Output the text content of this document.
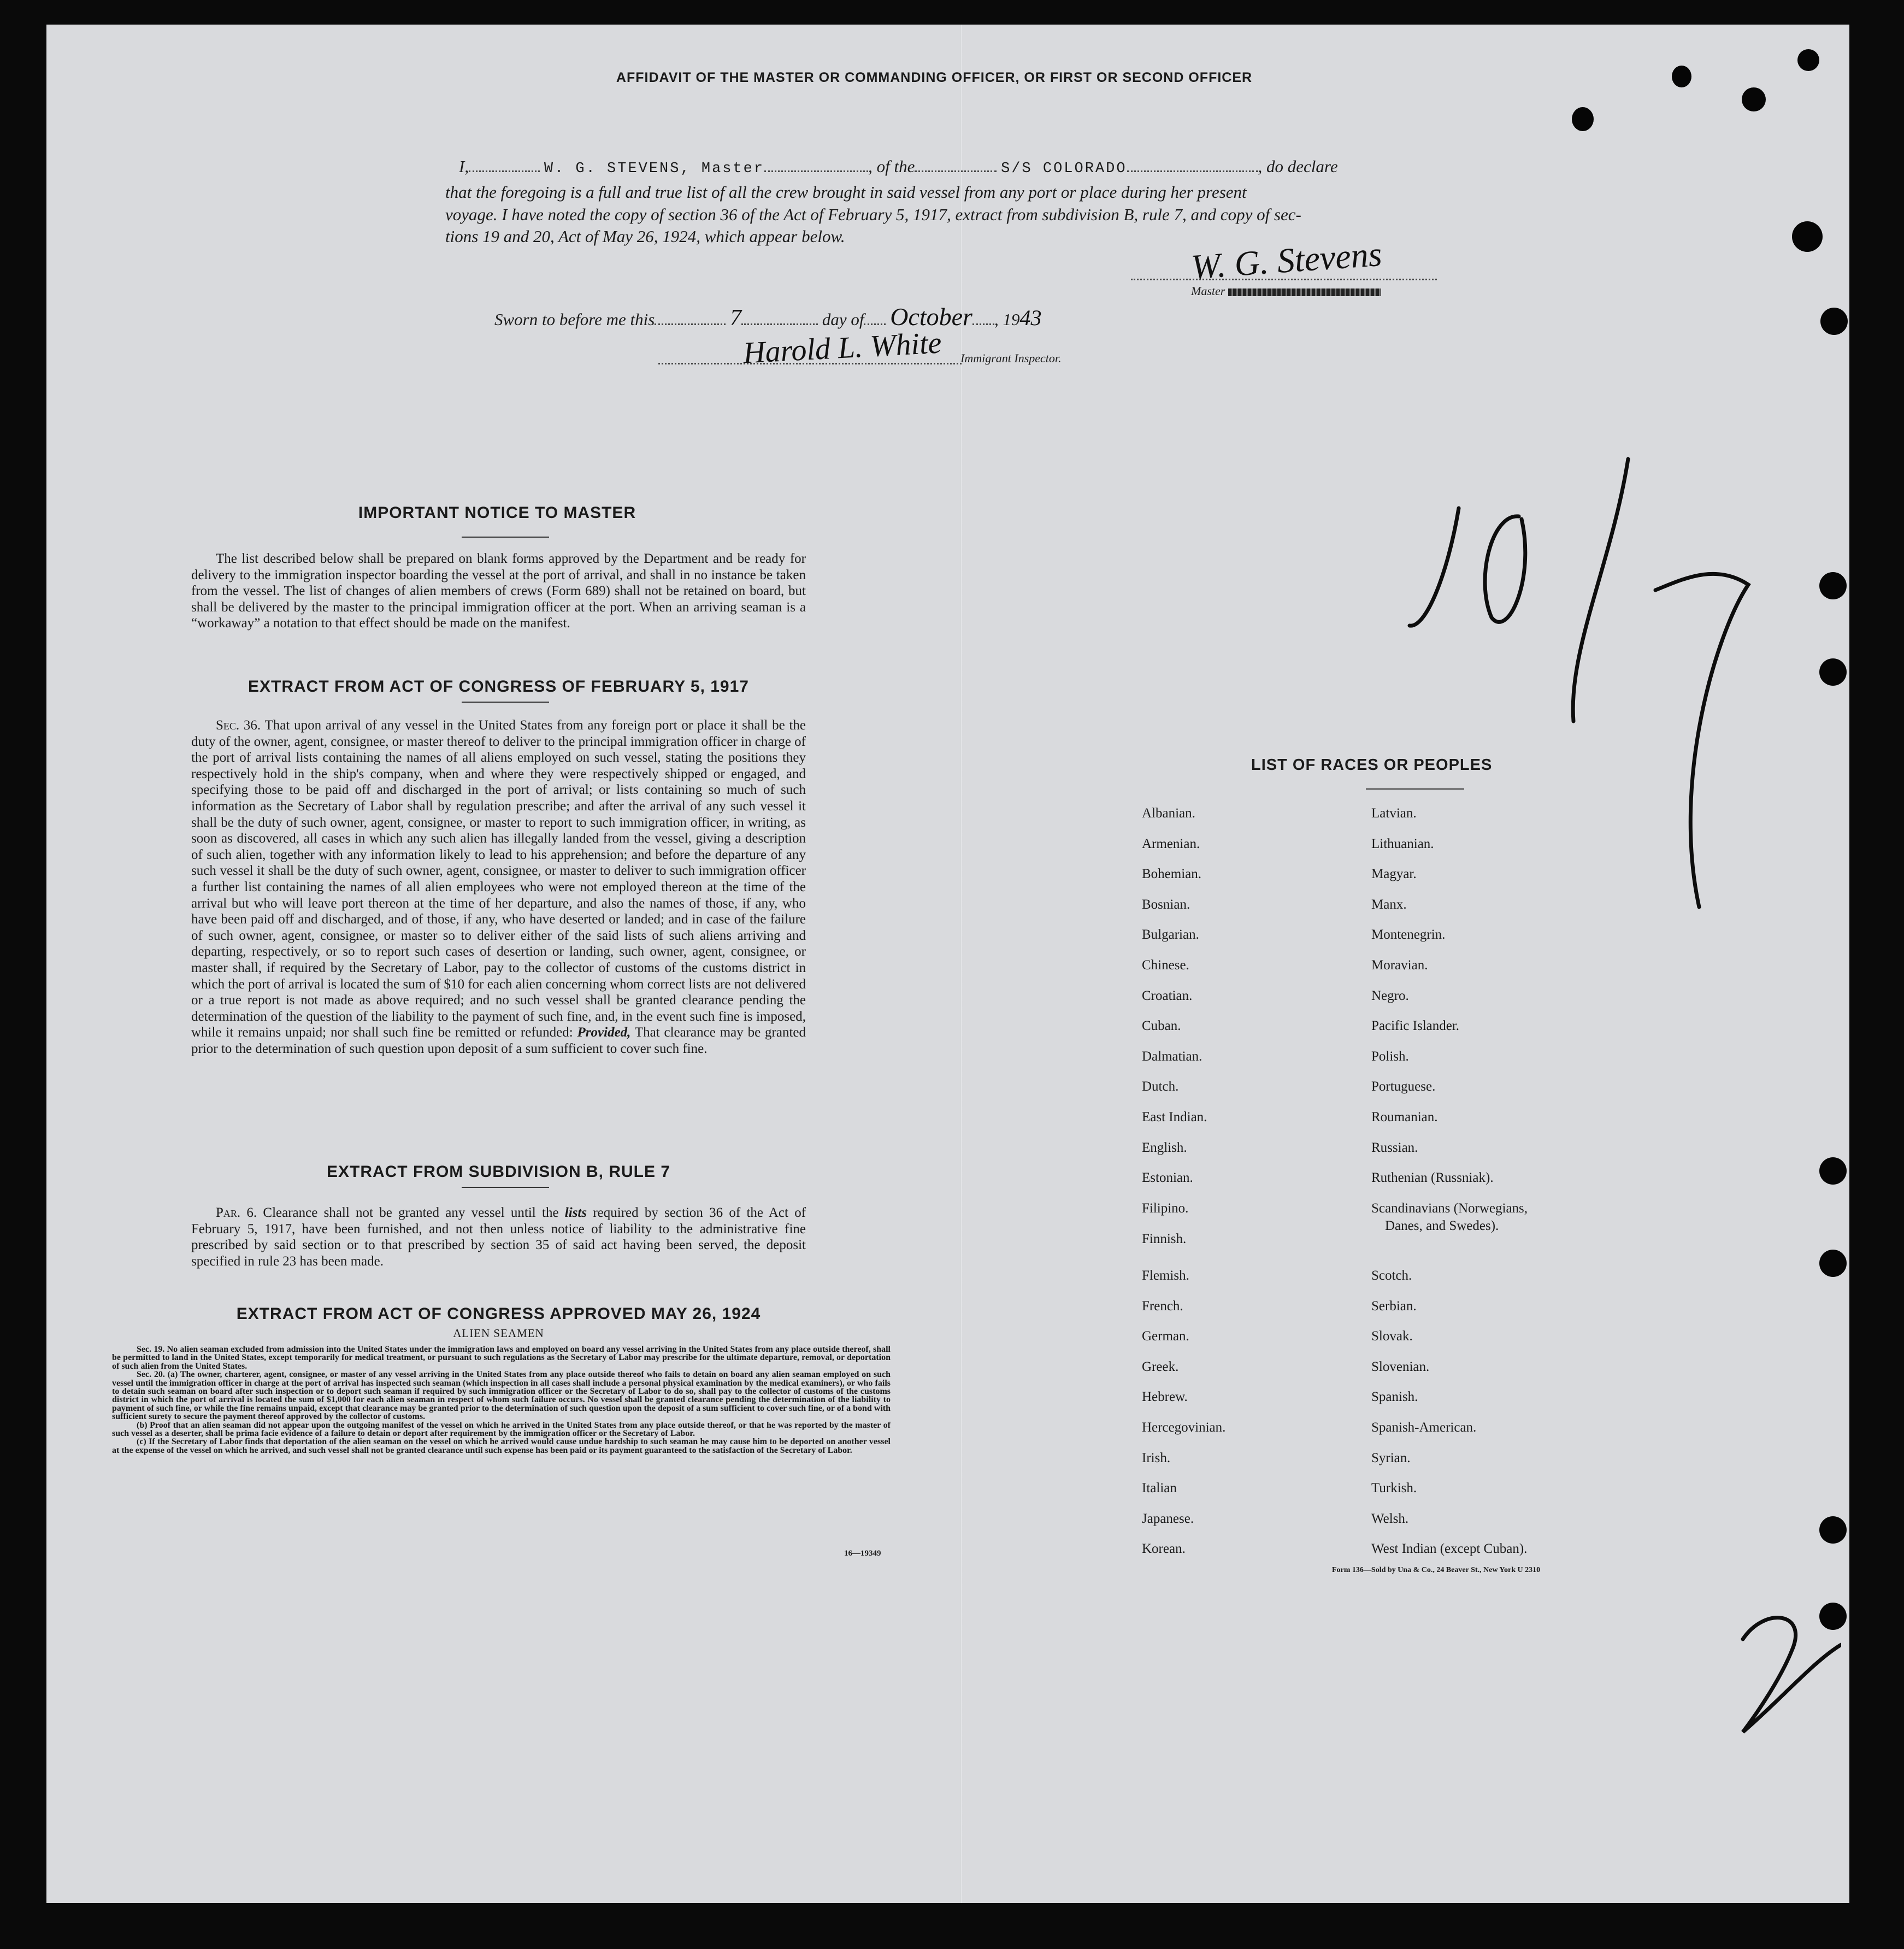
AFFIDAVIT OF THE MASTER OR COMMANDING OFFICER, OR FIRST OR SECOND OFFICER
I,	W. G. STEVENS, Master	, of the	S/S COLORADO	, do declare
that the foregoing is a full and true list of all the crew brought in said vessel from any port or place during her present
voyage. I have noted the copy of section 36 of the Act of February 5, 1917, extract from subdivision B, rule 7, and copy of sec-
tions 19 and 20, Act of May 26, 1924, which appear below.	W. G. Stevens
Master
Sworn to before me this	7	day of October , 1943
Harold L. White Immigrant Inspector.
IMPORTANT NOTICE TO MASTER
The list described below shall be prepared on blank forms approved by the Department and be ready for delivery to the immigration inspector boarding the vessel at the port of arrival, and shall in no instance be taken from the vessel. The list of changes of alien members of crews (Form 689) shall not be retained on board, but shall be delivered by the master to the principal immigration officer at the port. When an arriving seaman is a “workaway” a notation to that effect should be made on the manifest.
EXTRACT FROM ACT OF CONGRESS OF FEBRUARY 5, 1917
Sec. 36. That upon arrival of any vessel in the United States from any foreign port or place it shall be the duty of the owner, agent, consignee, or master thereof to deliver to the principal immigration officer in charge of the port of arrival lists containing the names of all aliens employed on such vessel, stating the positions they respectively hold in the ship's company, when and where they were respectively shipped or engaged, and specifying those to be paid off and discharged in the port of arrival; or lists containing so much of such information as the Secretary of Labor shall by regulation prescribe; and after the arrival of any such vessel it shall be the duty of such owner, agent, consignee, or master to report to such immigration officer, in writing, as soon as discovered, all cases in which any such alien has illegally landed from the vessel, giving a description of such alien, together with any information likely to lead to his apprehension; and before the departure of any such vessel it shall be the duty of such owner, agent, consignee, or master to deliver to such immigration officer a further list containing the names of all alien employees who were not employed thereon at the time of the arrival but who will leave port thereon at the time of her departure, and also the names of those, if any, who have been paid off and discharged, and of those, if any, who have deserted or landed; and in case of the failure of such owner, agent, consignee, or master so to deliver either of the said lists of such aliens arriving and departing, respectively, or so to report such cases of desertion or landing, such owner, agent, consignee, or master shall, if required by the Secretary of Labor, pay to the collector of customs of the customs district in which the port of arrival is located the sum of $10 for each alien concerning whom correct lists are not delivered or a true report is not made as above required; and no such vessel shall be granted clearance pending the determination of the question of the liability to the payment of such fine, and, in the event such fine is imposed, while it remains unpaid; nor shall such fine be remitted or refunded: Provided, That clearance may be granted prior to the determination of such question upon deposit of a sum sufficient to cover such fine.
EXTRACT FROM SUBDIVISION B, RULE 7
Par. 6. Clearance shall not be granted any vessel until the lists required by section 36 of the Act of February 5, 1917, have been furnished, and not then unless notice of liability to the administrative fine prescribed by said section or to that prescribed by section 35 of said act having been served, the deposit specified in rule 23 has been made.
EXTRACT FROM ACT OF CONGRESS APPROVED MAY 26, 1924
ALIEN SEAMEN

Sec. 19. No alien seaman excluded from admission into the United States under the immigration laws and employed on board any vessel arriving in the United States from any place outside thereof, shall be permitted to land in the United States, except temporarily for medical treatment, or pursuant to such regulations as the Secretary of Labor may prescribe for the ultimate departure, removal, or deportation of such alien from the United States.

Sec. 20. (a) The owner, charterer, agent, consignee, or master of any vessel arriving in the United States from any place outside thereof who fails to detain on board any alien seaman employed on such vessel until the immigration officer in charge at the port of arrival has inspected such seaman (which inspection in all cases shall include a personal physical examination by the medical examiners), or who fails to detain such seaman on board after such inspection or to deport such seaman if required by such immigration officer or the Secretary of Labor to do so, shall pay to the collector of customs of the customs district in which the port of arrival is located the sum of $1,000 for each alien seaman in respect of whom such failure occurs. No vessel shall be granted clearance pending the determination of the liability to payment of such fine, or while the fine remains unpaid, except that clearance may be granted prior to the determination of such question upon the deposit of a sum sufficient to cover such fine, or of a bond with sufficient surety to secure the payment thereof approved by the collector of customs.

(b) Proof that an alien seaman did not appear upon the outgoing manifest of the vessel on which he arrived in the United States from any place outside thereof, or that he was reported by the master of such vessel as a deserter, shall be prima facie evidence of a failure to detain or deport after requirement by the immigration officer or the Secretary of Labor.

(c) If the Secretary of Labor finds that deportation of the alien seaman on the vessel on which he arrived would cause undue hardship to such seaman he may cause him to be deported on another vessel at the expense of the vessel on which he arrived, and such vessel shall not be granted clearance until such expense has been paid or its payment guaranteed to the satisfaction of the Secretary of Labor.

16—19349
LIST OF RACES OR PEOPLES
Albanian.
Armenian.
Bohemian.
Bosnian.
Bulgarian.
Chinese.
Croatian.
Cuban.
Dalmatian.
Dutch.
East Indian.
English.
Estonian.
Filipino.
Finnish.
Flemish.
French.
German.
Greek.
Hebrew.
Hercegovinian.
Irish.
Italian
Japanese.
Korean.
Latvian.
Lithuanian.
Magyar.
Manx.
Montenegrin.
Moravian.
Negro.
Pacific Islander.
Polish.
Portuguese.
Roumanian.
Russian.
Ruthenian (Russniak).
Scandinavians (Norwegians,
Danes, and Swedes).
Scotch.
Serbian.
Slovak.
Slovenian.
Spanish.
Spanish-American.
Syrian.
Turkish.
Welsh.
West Indian (except Cuban).
Form 136—Sold by Una & Co., 24 Beaver St., New York U 2310
